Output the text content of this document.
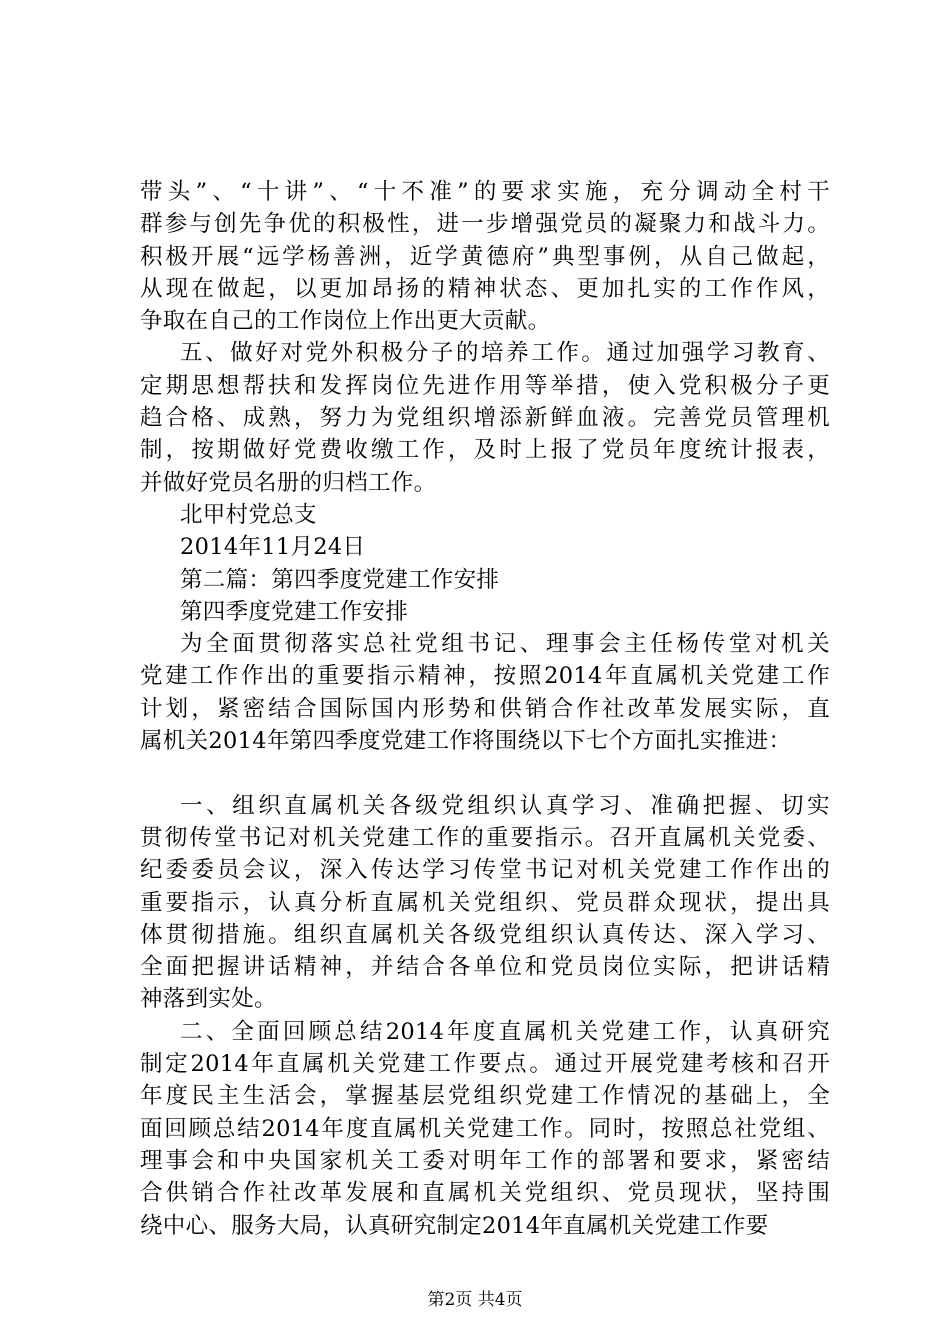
带头”、“十讲”、“十不准”的要求实施，充分调动全村干
群参与创先争优的积极性，进一步增强党员的凝聚力和战斗力。
积极开展“远学杨善洲，近学黄德府”典型事例，从自己做起，
从现在做起，以更加昂扬的精神状态、更加扎实的工作作风，
争取在自己的工作岗位上作出更大贡献。
五、做好对党外积极分子的培养工作。通过加强学习教育、
定期思想帮扶和发挥岗位先进作用等举措，使入党积极分子更
趋合格、成熟，努力为党组织增添新鲜血液。完善党员管理机
制，按期做好党费收缴工作，及时上报了党员年度统计报表，
并做好党员名册的归档工作。
北甲村党总支
2014年11月24日
第二篇：第四季度党建工作安排
第四季度党建工作安排
为全面贯彻落实总社党组书记、理事会主任杨传堂对机关
党建工作作出的重要指示精神，按照2014年直属机关党建工作
计划，紧密结合国际国内形势和供销合作社改革发展实际，直
属机关2014年第四季度党建工作将围绕以下七个方面扎实推进：
一、组织直属机关各级党组织认真学习、准确把握、切实
贯彻传堂书记对机关党建工作的重要指示。召开直属机关党委、
纪委委员会议，深入传达学习传堂书记对机关党建工作作出的
重要指示，认真分析直属机关党组织、党员群众现状，提出具
体贯彻措施。组织直属机关各级党组织认真传达、深入学习、
全面把握讲话精神，并结合各单位和党员岗位实际，把讲话精
神落到实处。
二、全面回顾总结2014年度直属机关党建工作，认真研究
制定2014年直属机关党建工作要点。通过开展党建考核和召开
年度民主生活会，掌握基层党组织党建工作情况的基础上，全
面回顾总结2014年度直属机关党建工作。同时，按照总社党组、
理事会和中央国家机关工委对明年工作的部署和要求，紧密结
合供销合作社改革发展和直属机关党组织、党员现状，坚持围
绕中心、服务大局，认真研究制定2014年直属机关党建工作要
第2页 共4页
